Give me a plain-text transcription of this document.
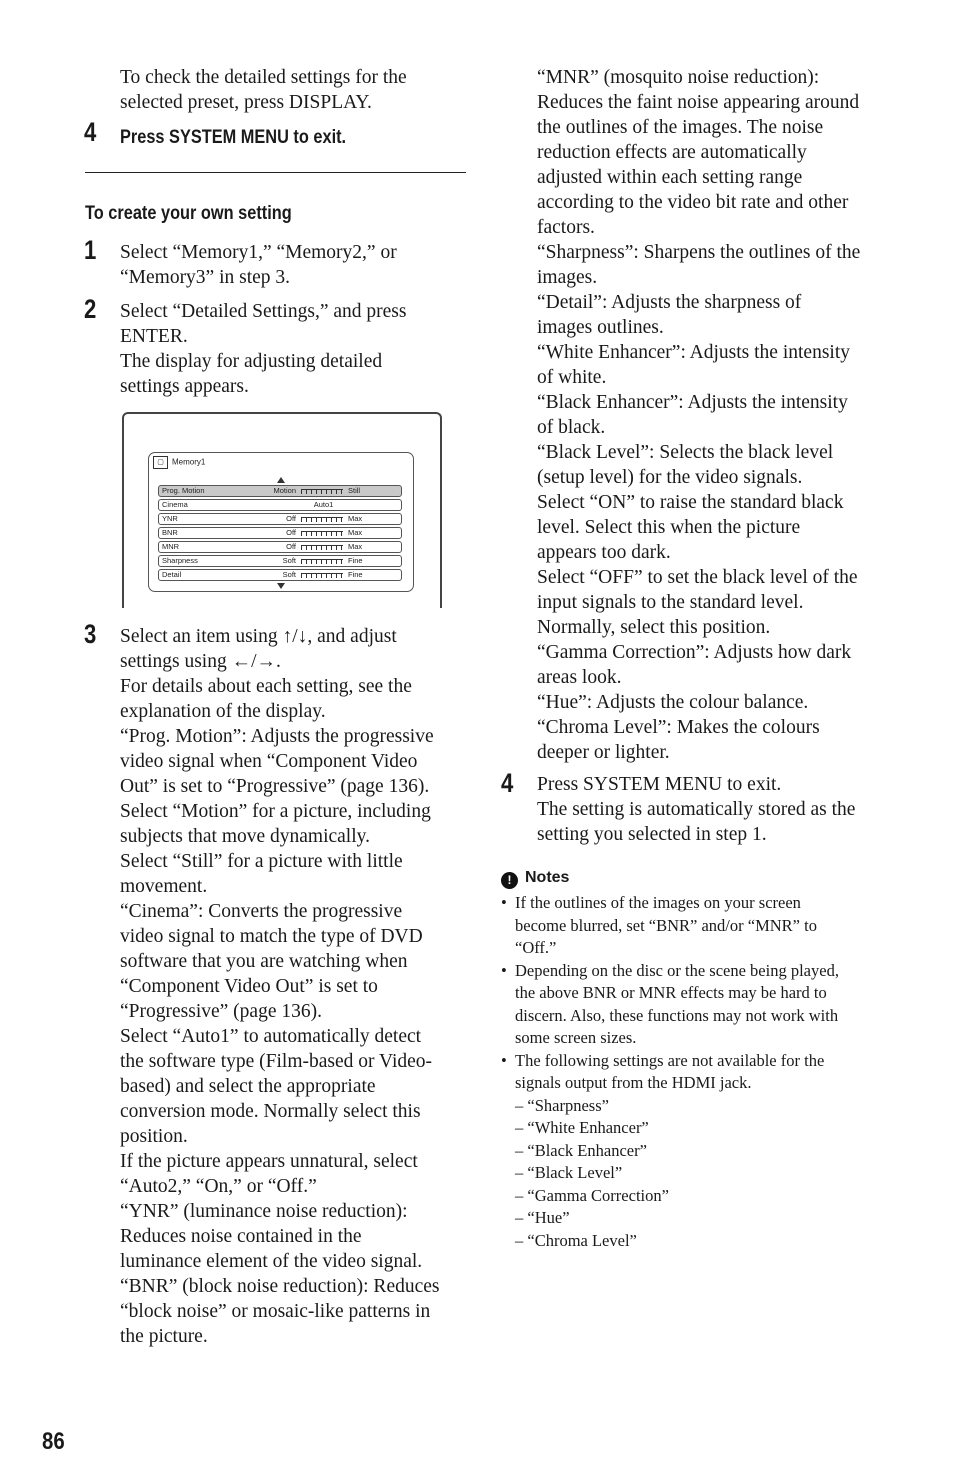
To check the detailed settings for the
selected preset, press DISPLAY.
4 Press SYSTEM MENU to exit.
To create your own setting
1 Select “Memory1,” “Memory2,” or
“Memory3” in step 3.
2 Select “Detailed Settings,” and press
ENTER.
The display for adjusting detailed
settings appears.
▢ Memory1
Prog. Motion	Motion	Still
Cinema	Auto1
YNR	Off	Max
BNR	Off	Max
MNR	Off	Max
Sharpness	Soft	Fine
Detail	Soft	Fine
3 Select an item using ↑/↓, and adjust
settings using ←/→.
For details about each setting, see the
explanation of the display.
“Prog. Motion”: Adjusts the progressive
video signal when “Component Video
Out” is set to “Progressive” (page 136).
Select “Motion” for a picture, including
subjects that move dynamically.
Select “Still” for a picture with little
movement.
“Cinema”: Converts the progressive
video signal to match the type of DVD
software that you are watching when
“Component Video Out” is set to
“Progressive” (page 136).
Select “Auto1” to automatically detect
the software type (Film-based or Video-
based) and select the appropriate
conversion mode. Normally select this
position.
If the picture appears unnatural, select
“Auto2,” “On,” or “Off.”
“YNR” (luminance noise reduction):
Reduces noise contained in the
luminance element of the video signal.
“BNR” (block noise reduction): Reduces
“block noise” or mosaic-like patterns in
the picture.
“MNR” (mosquito noise reduction):
Reduces the faint noise appearing around
the outlines of the images. The noise
reduction effects are automatically
adjusted within each setting range
according to the video bit rate and other
factors.
“Sharpness”: Sharpens the outlines of the
images.
“Detail”: Adjusts the sharpness of
images outlines.
“White Enhancer”: Adjusts the intensity
of white.
“Black Enhancer”: Adjusts the intensity
of black.
“Black Level”: Selects the black level
(setup level) for the video signals.
Select “ON” to raise the standard black
level. Select this when the picture
appears too dark.
Select “OFF” to set the black level of the
input signals to the standard level.
Normally, select this position.
“Gamma Correction”: Adjusts how dark
areas look.
“Hue”: Adjusts the colour balance.
“Chroma Level”: Makes the colours
deeper or lighter.
4 Press SYSTEM MENU to exit.
The setting is automatically stored as the
setting you selected in step 1.
! Notes
• If the outlines of the images on your screen
become blurred, set “BNR” and/or “MNR” to
“Off.”
• Depending on the disc or the scene being played,
the above BNR or MNR effects may be hard to
discern. Also, these functions may not work with
some screen sizes.
• The following settings are not available for the
signals output from the HDMI jack.
– “Sharpness”
– “White Enhancer”
– “Black Enhancer”
– “Black Level”
– “Gamma Correction”
– “Hue”
– “Chroma Level”
86
